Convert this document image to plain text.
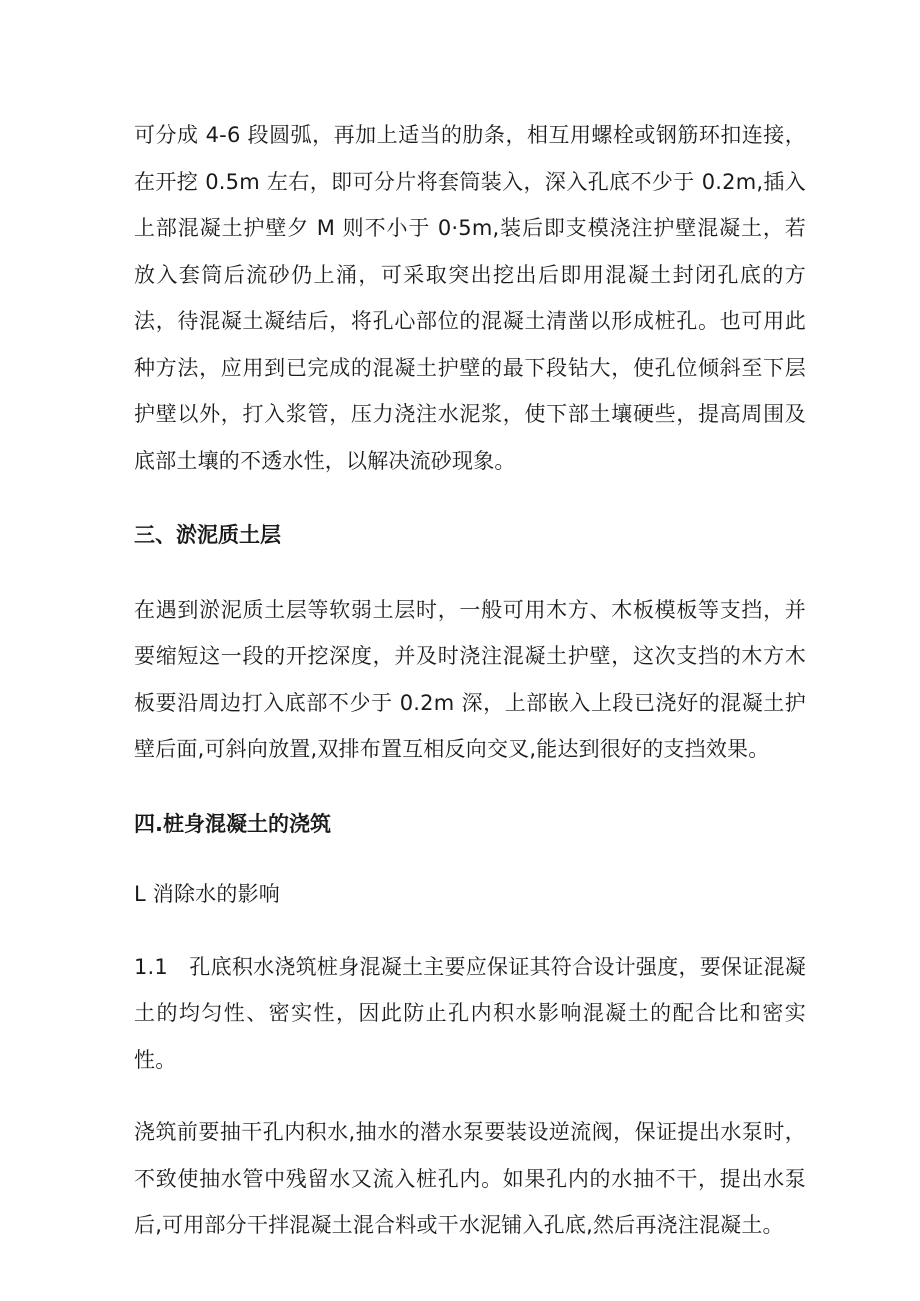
可分成 4-6 段圆弧，再加上适当的肋条，相互用螺栓或钢筋环扣连接，在开挖 0.5m 左右，即可分片将套筒装入，深入孔底不少于 0.2m,插入上部混凝土护壁夕 M 则不小于 0·5m,装后即支模浇注护壁混凝土，若放入套筒后流砂仍上涌，可采取突出挖出后即用混凝土封闭孔底的方法，待混凝土凝结后，将孔心部位的混凝土清凿以形成桩孔。也可用此种方法，应用到已完成的混凝土护壁的最下段钻大，使孔位倾斜至下层护壁以外，打入浆管，压力浇注水泥浆，使下部土壤硬些，提高周围及底部土壤的不透水性，以解决流砂现象。

三、淤泥质土层

在遇到淤泥质土层等软弱土层时，一般可用木方、木板模板等支挡，并要缩短这一段的开挖深度，并及时浇注混凝土护壁，这次支挡的木方木板要沿周边打入底部不少于 0.2m 深，上部嵌入上段已浇好的混凝土护壁后面,可斜向放置,双排布置互相反向交叉,能达到很好的支挡效果。

四.桩身混凝土的浇筑

L 消除水的影响

1.1　孔底积水浇筑桩身混凝土主要应保证其符合设计强度，要保证混凝土的均匀性、密实性，因此防止孔内积水影响混凝土的配合比和密实性。

浇筑前要抽干孔内积水,抽水的潜水泵要装设逆流阀，保证提出水泵时，不致使抽水管中残留水又流入桩孔内。如果孔内的水抽不干，提出水泵后,可用部分干拌混凝土混合料或干水泥铺入孔底,然后再浇注混凝土。
